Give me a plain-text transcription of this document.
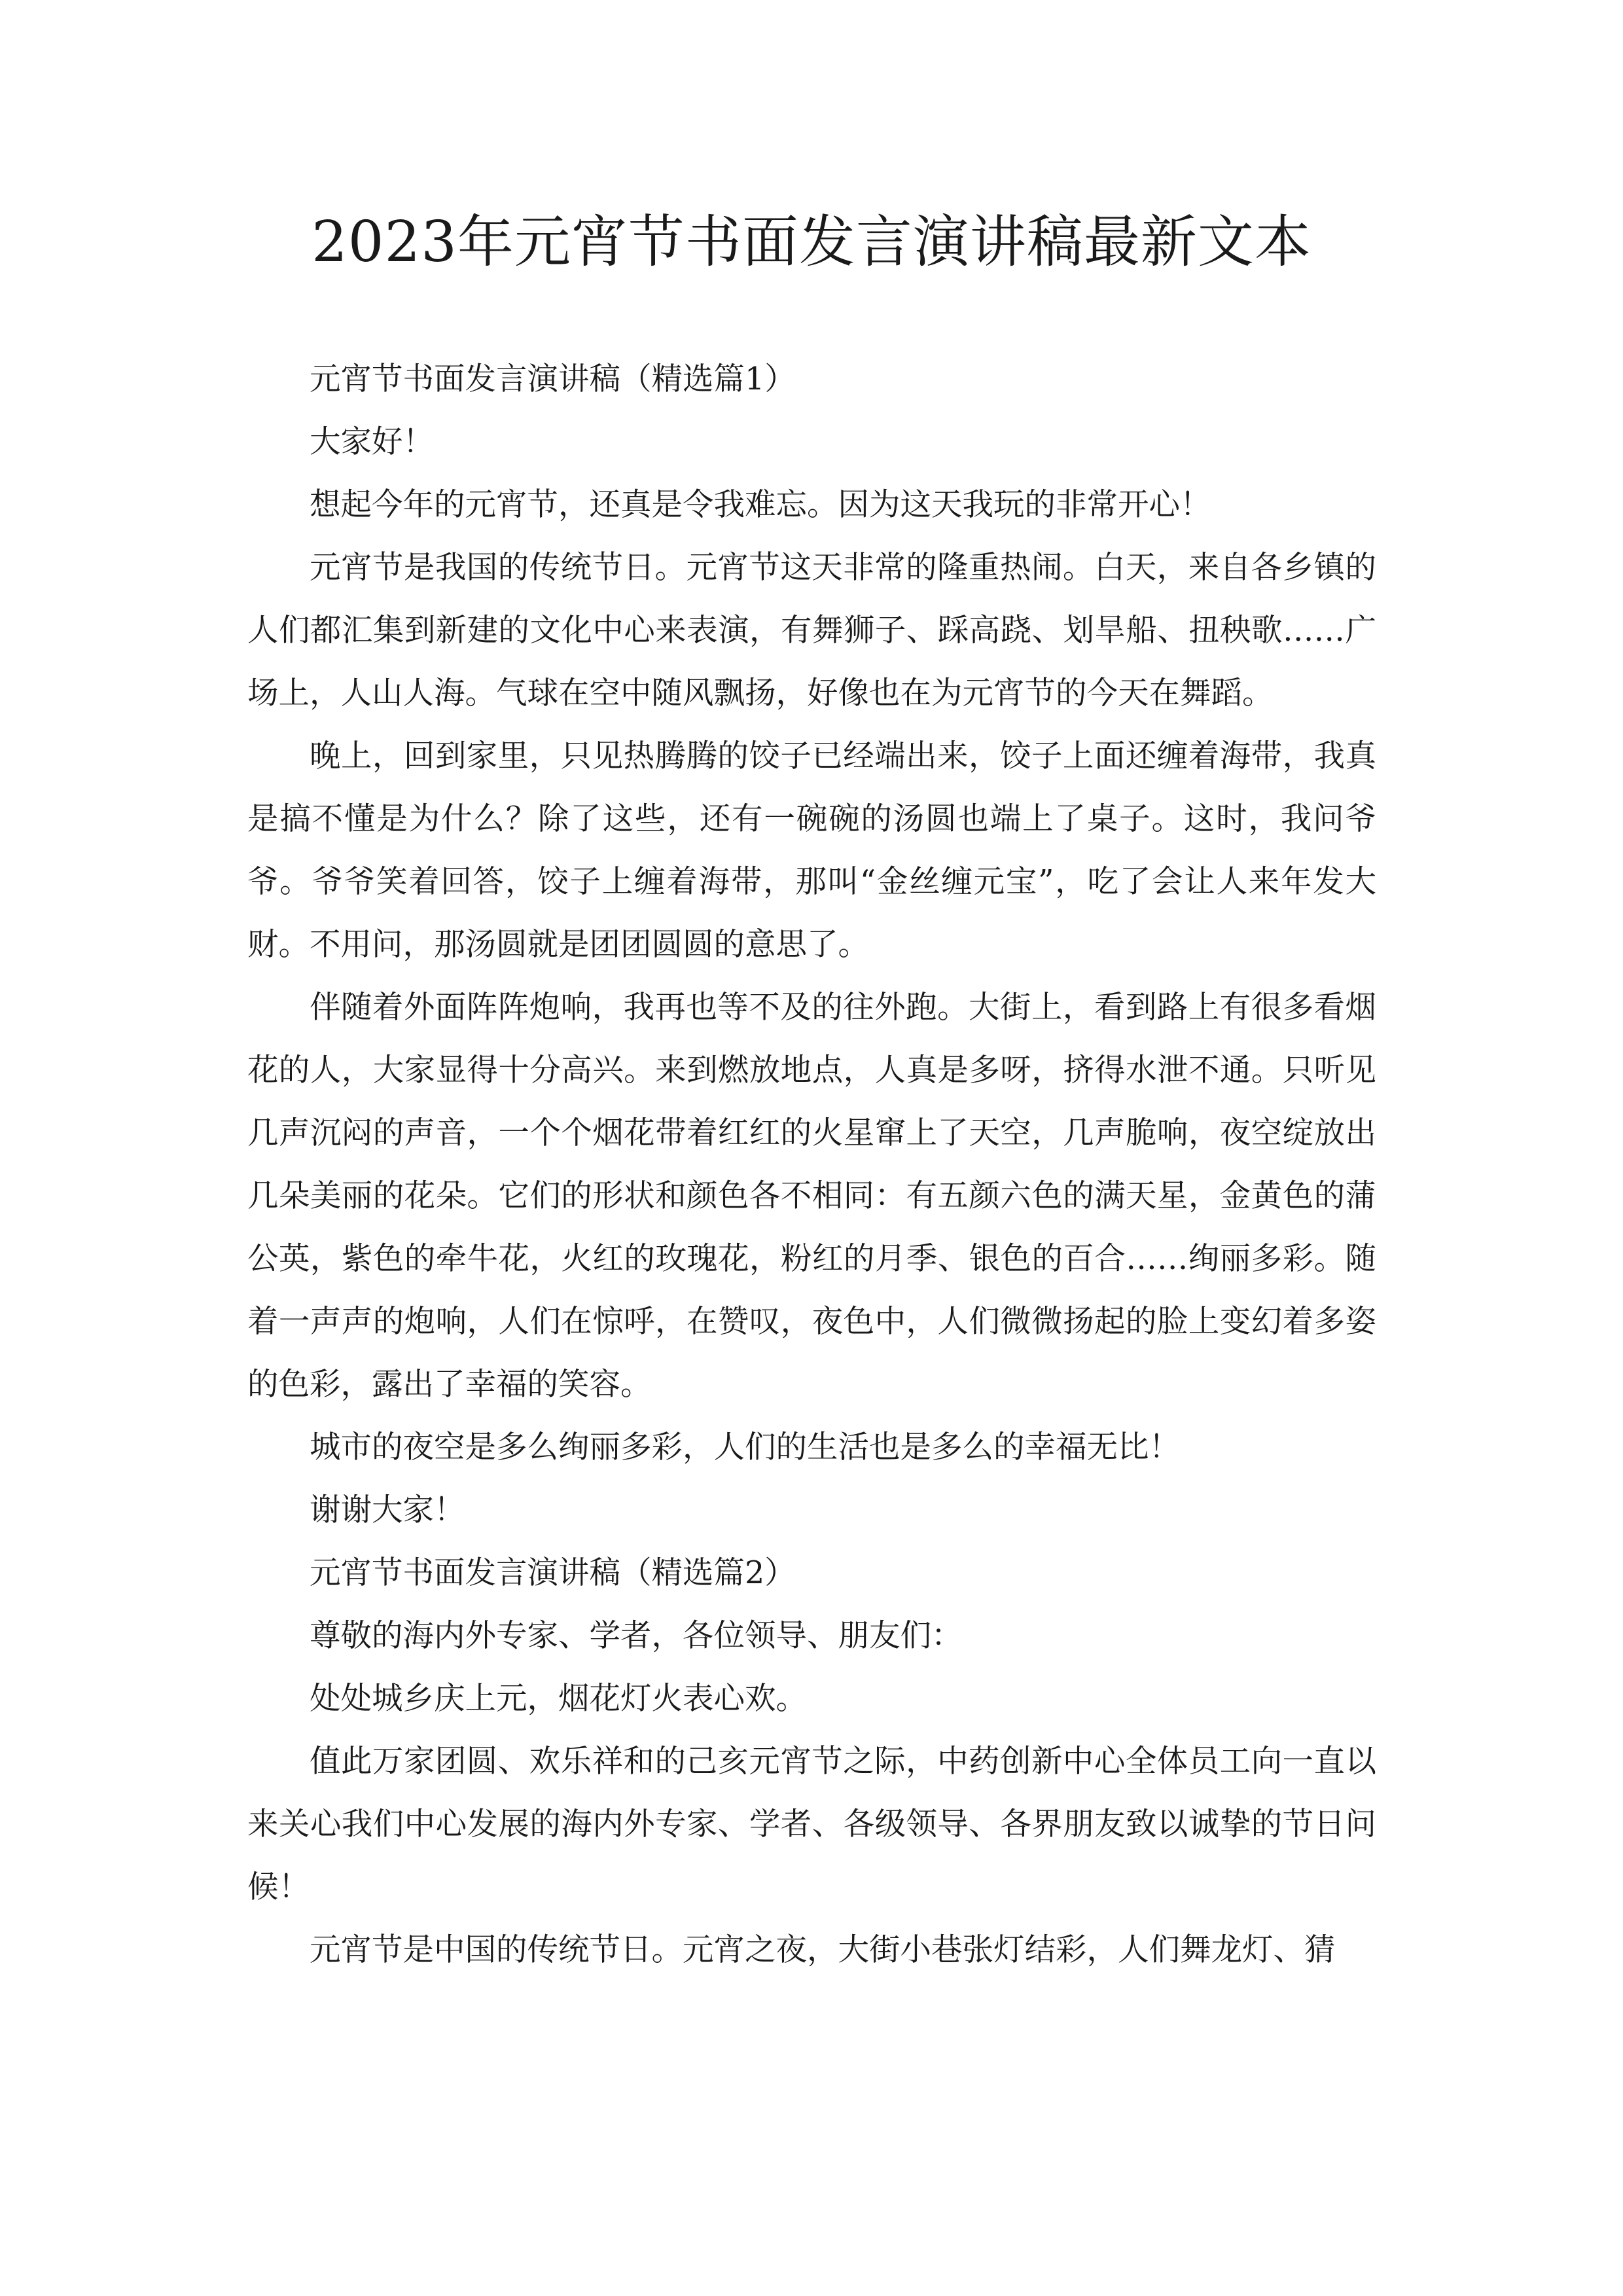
2023年元宵节书面发言演讲稿最新文本

元宵节书面发言演讲稿（精选篇1）

大家好！

想起今年的元宵节，还真是令我难忘。因为这天我玩的非常开心！

元宵节是我国的传统节日。元宵节这天非常的隆重热闹。白天，来自各乡镇的人们都汇集到新建的文化中心来表演，有舞狮子、踩高跷、划旱船、扭秧歌……广场上，人山人海。气球在空中随风飘扬，好像也在为元宵节的今天在舞蹈。

晚上，回到家里，只见热腾腾的饺子已经端出来，饺子上面还缠着海带，我真是搞不懂是为什么？除了这些，还有一碗碗的汤圆也端上了桌子。这时，我问爷爷。爷爷笑着回答，饺子上缠着海带，那叫“金丝缠元宝”，吃了会让人来年发大财。不用问，那汤圆就是团团圆圆的意思了。

伴随着外面阵阵炮响，我再也等不及的往外跑。大街上，看到路上有很多看烟花的人，大家显得十分高兴。来到燃放地点，人真是多呀，挤得水泄不通。只听见几声沉闷的声音，一个个烟花带着红红的火星窜上了天空，几声脆响，夜空绽放出几朵美丽的花朵。它们的形状和颜色各不相同：有五颜六色的满天星，金黄色的蒲公英，紫色的牵牛花，火红的玫瑰花，粉红的月季、银色的百合……绚丽多彩。随着一声声的炮响，人们在惊呼，在赞叹，夜色中，人们微微扬起的脸上变幻着多姿的色彩，露出了幸福的笑容。

城市的夜空是多么绚丽多彩，人们的生活也是多么的幸福无比！

谢谢大家！

元宵节书面发言演讲稿（精选篇2）

尊敬的海内外专家、学者，各位领导、朋友们：

处处城乡庆上元，烟花灯火表心欢。

值此万家团圆、欢乐祥和的己亥元宵节之际，中药创新中心全体员工向一直以来关心我们中心发展的海内外专家、学者、各级领导、各界朋友致以诚挚的节日问候！

元宵节是中国的传统节日。元宵之夜，大街小巷张灯结彩，人们舞龙灯、猜
